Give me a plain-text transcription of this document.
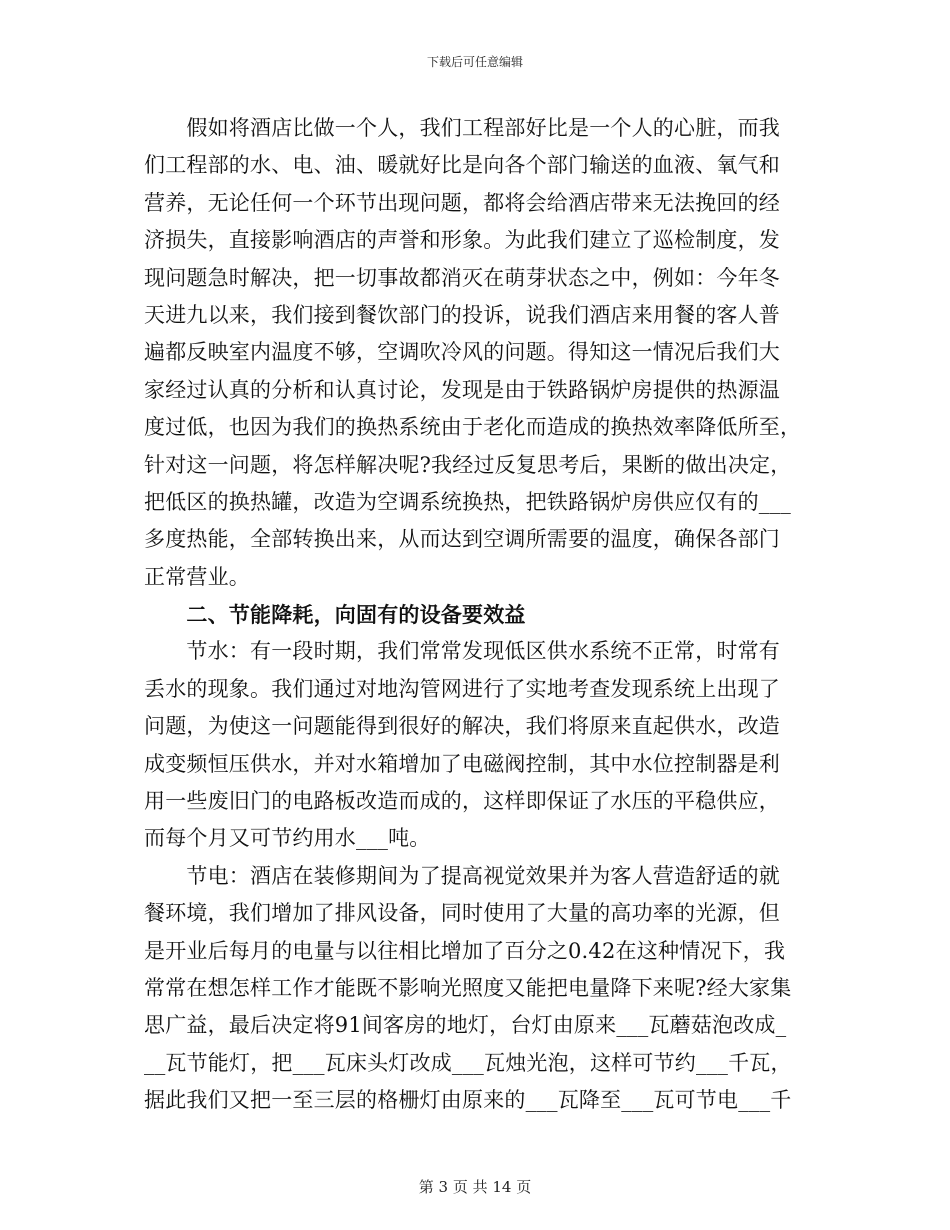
下载后可任意编辑
　　假如将酒店比做一个人，我们工程部好比是一个人的心脏，而我
们工程部的水、电、油、暖就好比是向各个部门输送的血液、氧气和
营养，无论任何一个环节出现问题，都将会给酒店带来无法挽回的经
济损失，直接影响酒店的声誉和形象。为此我们建立了巡检制度，发
现问题急时解决，把一切事故都消灭在萌芽状态之中，例如：今年冬
天进九以来，我们接到餐饮部门的投诉，说我们酒店来用餐的客人普
遍都反映室内温度不够，空调吹冷风的问题。得知这一情况后我们大
家经过认真的分析和认真讨论，发现是由于铁路锅炉房提供的热源温
度过低，也因为我们的换热系统由于老化而造成的换热效率降低所至，
针对这一问题，将怎样解决呢?我经过反复思考后，果断的做出决定，
把低区的换热罐，改造为空调系统换热，把铁路锅炉房供应仅有的___
多度热能，全部转换出来，从而达到空调所需要的温度，确保各部门
正常营业。
　　二、节能降耗，向固有的设备要效益
　　节水：有一段时期，我们常常发现低区供水系统不正常，时常有
丢水的现象。我们通过对地沟管网进行了实地考查发现系统上出现了
问题，为使这一问题能得到很好的解决，我们将原来直起供水，改造
成变频恒压供水，并对水箱增加了电磁阀控制，其中水位控制器是利
用一些废旧门的电路板改造而成的，这样即保证了水压的平稳供应，
而每个月又可节约用水___吨。
　　节电：酒店在装修期间为了提高视觉效果并为客人营造舒适的就
餐环境，我们增加了排风设备，同时使用了大量的高功率的光源，但
是开业后每月的电量与以往相比增加了百分之0.42在这种情况下，我
常常在想怎样工作才能既不影响光照度又能把电量降下来呢?经大家集
思广益，最后决定将91间客房的地灯，台灯由原来___瓦蘑菇泡改成_
__瓦节能灯，把___瓦床头灯改成___瓦烛光泡，这样可节约___千瓦，
据此我们又把一至三层的格栅灯由原来的___瓦降至___瓦可节电___千
第 3 页 共 14 页
